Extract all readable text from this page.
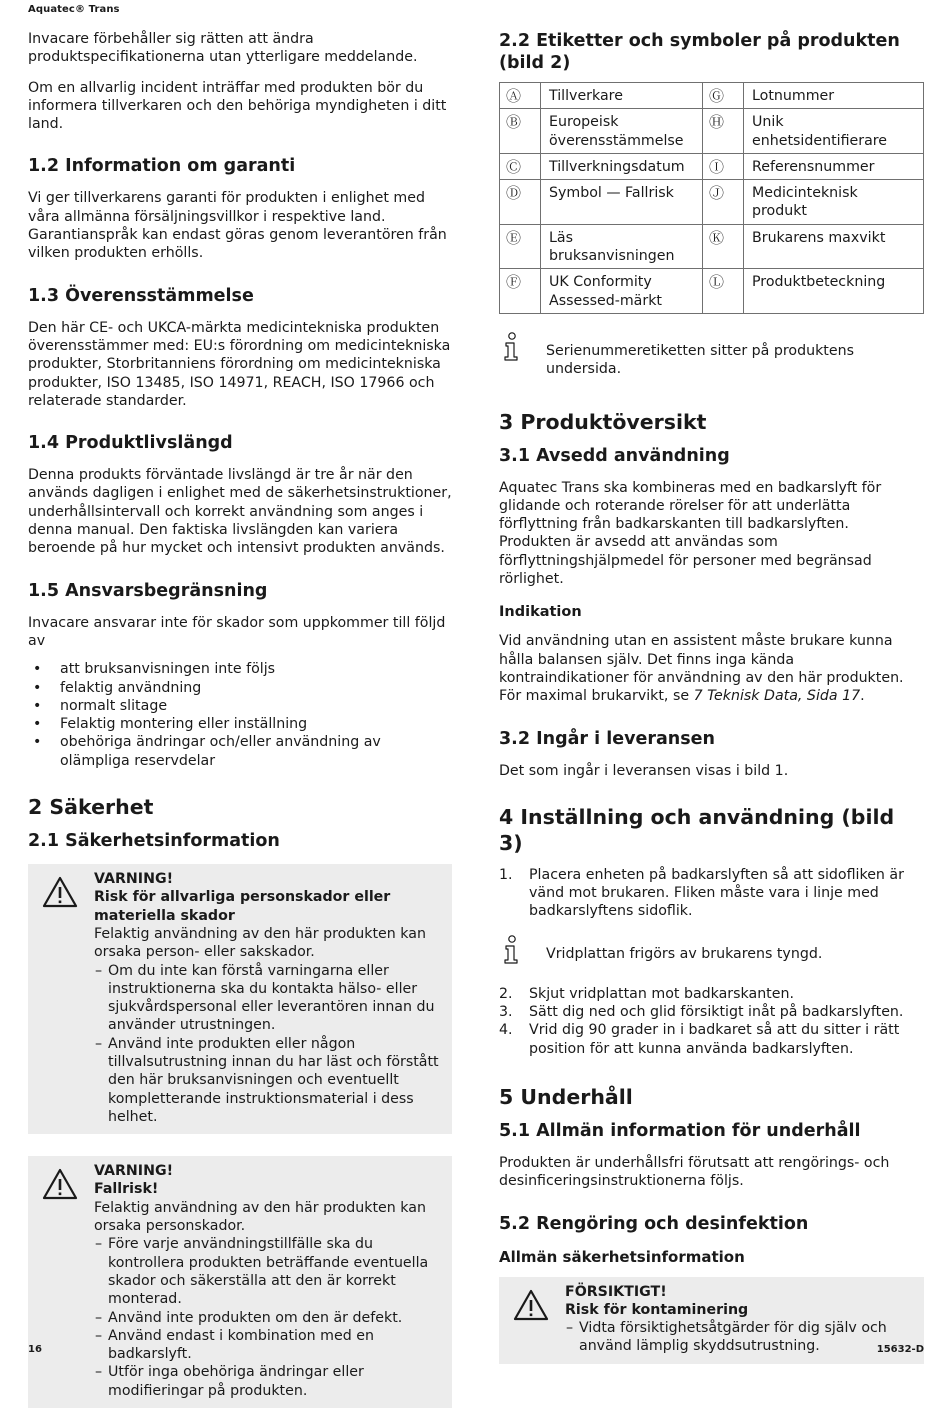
Aquatec® Trans

Invacare förbehåller sig rätten att ändra produktspecifikationerna utan ytterligare meddelande.

Om en allvarlig incident inträffar med produkten bör du informera tillverkaren och den behöriga myndigheten i ditt land.

1.2 Information om garanti

Vi ger tillverkarens garanti för produkten i enlighet med våra allmänna försäljningsvillkor i respektive land.

Garantianspråk kan endast göras genom leverantören från vilken produkten erhölls.

1.3 Överensstämmelse

Den här CE- och UKCA-märkta medicintekniska produkten överensstämmer med: EU:s förordning om medicintekniska produkter, Storbritanniens förordning om medicintekniska produkter, ISO 13485, ISO 14971, REACH, ISO 17966 och relaterade standarder.

1.4 Produktlivslängd

Denna produkts förväntade livslängd är tre år när den används dagligen i enlighet med de säkerhetsinstruktioner, underhållsintervall och korrekt användning som anges i denna manual. Den faktiska livslängden kan variera beroende på hur mycket och intensivt produkten används.

1.5 Ansvarsbegränsning

Invacare ansvarar inte för skador som uppkommer till följd av

• att bruksanvisningen inte följs
• felaktig användning
• normalt slitage
• Felaktig montering eller inställning
• obehöriga ändringar och/eller användning av olämpliga reservdelar
2 Säkerhet
2.1 Säkerhetsinformation
VARNING!
Risk för allvarliga personskador eller materiella skador
Felaktig användning av den här produkten kan orsaka person- eller sakskador.
– Om du inte kan förstå varningarna eller instruktionerna ska du kontakta hälso- eller sjukvårdspersonal eller leverantören innan du använder utrustningen.
– Använd inte produkten eller någon tillvalsutrustning innan du har läst och förstått den här bruksanvisningen och eventuellt kompletterande instruktionsmaterial i dess helhet.
VARNING!
Fallrisk!
Felaktig användning av den här produkten kan orsaka personskador.
– Före varje användningstillfälle ska du kontrollera produkten beträffande eventuella skador och säkerställa att den är korrekt monterad.
– Använd inte produkten om den är defekt.
– Använd endast i kombination med en badkarslyft.
– Utför inga obehöriga ändringar eller modifieringar på produkten.
2.2 Etiketter och symboler på produkten (bild 2)
Ⓐ	Tillverkare	Ⓖ	Lotnummer
Ⓑ	Europeisk överensstämmelse	Ⓗ	Unik enhetsidentifierare
Ⓒ	Tillverkningsdatum	Ⓘ	Referensnummer
Ⓓ	Symbol — Fallrisk	Ⓙ	Medicinteknisk produkt
Ⓔ	Läs bruksanvisningen	Ⓚ	Brukarens maxvikt
Ⓕ	UK Conformity Assessed-märkt	Ⓛ	Produktbeteckning
Serienummeretiketten sitter på produktens undersida.
3 Produktöversikt
3.1 Avsedd användning

Aquatec Trans ska kombineras med en badkarslyft för glidande och roterande rörelser för att underlätta förflyttning från badkarskanten till badkarslyften. Produkten är avsedd att användas som förflyttningshjälpmedel för personer med begränsad rörlighet.

Indikation

Vid användning utan en assistent måste brukare kunna hålla balansen själv. Det finns inga kända kontraindikationer för användning av den här produkten. För maximal brukarvikt, se 7 Teknisk Data, Sida 17.

3.2 Ingår i leveransen

Det som ingår i leveransen visas i bild 1.

4 Inställning och användning (bild 3)
1.	Placera enheten på badkarslyften så att sidofliken är vänd mot brukaren. Fliken måste vara i linje med badkarslyftens sidoflik.
Vridplattan frigörs av brukarens tyngd.
2.	Skjut vridplattan mot badkarskanten.
3.	Sätt dig ned och glid försiktigt inåt på badkarslyften.
4.	Vrid dig 90 grader in i badkaret så att du sitter i rätt position för att kunna använda badkarslyften.
5 Underhåll
5.1 Allmän information för underhåll

Produkten är underhållsfri förutsatt att rengörings- och desinficeringsinstruktionerna följs.

5.2 Rengöring och desinfektion
Allmän säkerhetsinformation
FÖRSIKTIGT!
Risk för kontaminering
– Vidta försiktighetsåtgärder för dig själv och använd lämplig skyddsutrustning.
16	15632-D
